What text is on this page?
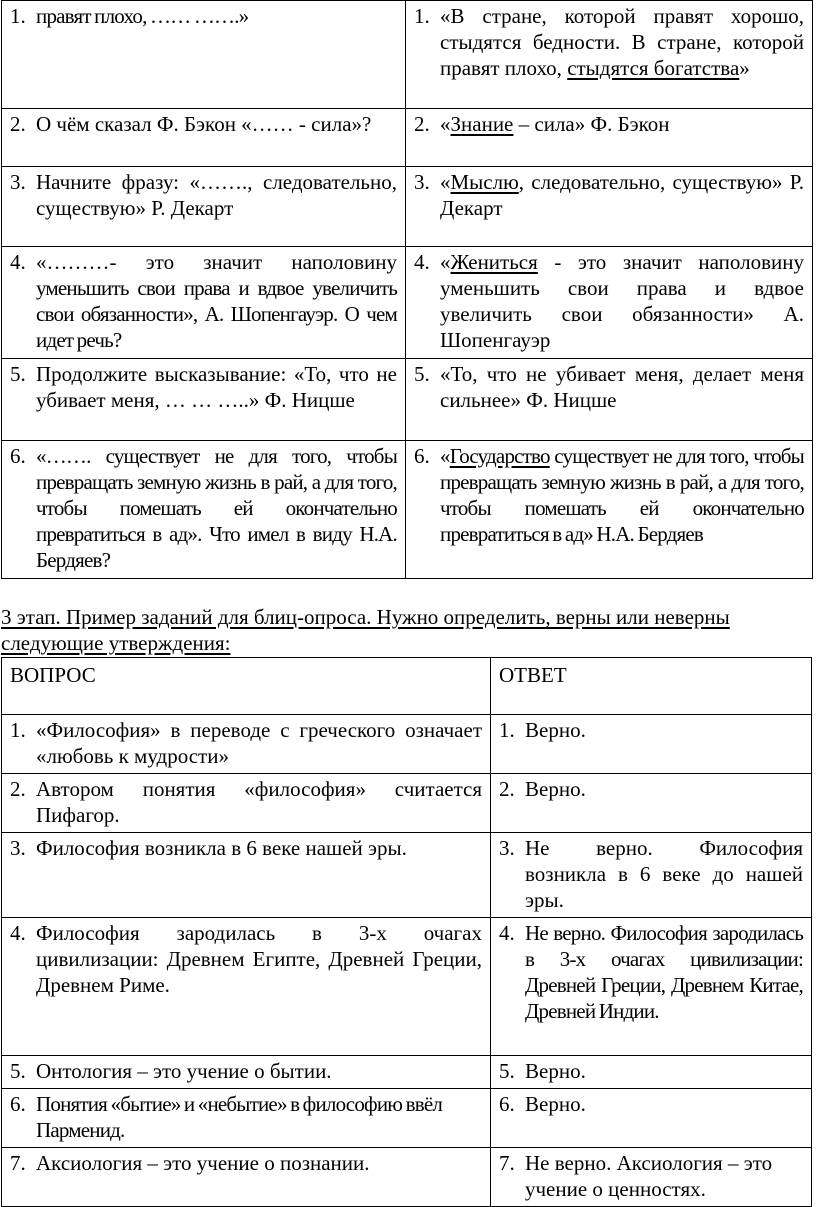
1. правят плохо, …… …….»	1. «В стране, которой правят хорошо, стыдятся бедности. В стране, которой правят плохо, стыдятся богатства»

2. О чём сказал Ф. Бэкон «…… - сила»?	2. «Знание – сила» Ф. Бэкон

3. Начните фразу: «……., следовательно, существую» Р. Декарт	3. «Мыслю, следовательно, существую» Р. Декарт

4. «………- это значит наполовину уменьшить свои права и вдвое увеличить свои обязанности», А. Шопенгауэр. О чем идет речь?	4. «Жениться - это значит наполовину уменьшить свои права и вдвое увеличить свои обязанности» А. Шопенгауэр

5. Продолжите высказывание: «То, что не убивает меня, … … …..» Ф. Ницше	5. «То, что не убивает меня, делает меня сильнее» Ф. Ницше

6. «……. существует не для того, чтобы превращать земную жизнь в рай, а для того, чтобы помешать ей окончательно превратиться в ад». Что имел в виду Н.А. Бердяев?	6. «Государство существует не для того, чтобы превращать земную жизнь в рай, а для того, чтобы помешать ей окончательно превратиться в ад» Н.А. Бердяев
3 этап. Пример заданий для блиц-опроса. Нужно определить, верны или неверны
следующие утверждения:
ВОПРОС	ОТВЕТ

1. «Философия» в переводе с греческого означает «любовь к мудрости»	1. Верно.

2. Автором понятия «философия» считается Пифагор.	2. Верно.

3. Философия возникла в 6 веке нашей эры.	3. Не верно. Философия возникла в 6 веке до нашей эры.

4. Философия зародилась в 3-х очагах цивилизации: Древнем Египте, Древней Греции, Древнем Риме.	4. Не верно. Философия зародилась в 3-х очагах цивилизации: Древней Греции, Древнем Китае, Древней Индии.

5. Онтология – это учение о бытии.	5. Верно.

6. Понятия «бытие» и «небытие» в философию ввёл Парменид.	6. Верно.

7. Аксиология – это учение о познании.	7. Не верно. Аксиология – это учение о ценностях.
